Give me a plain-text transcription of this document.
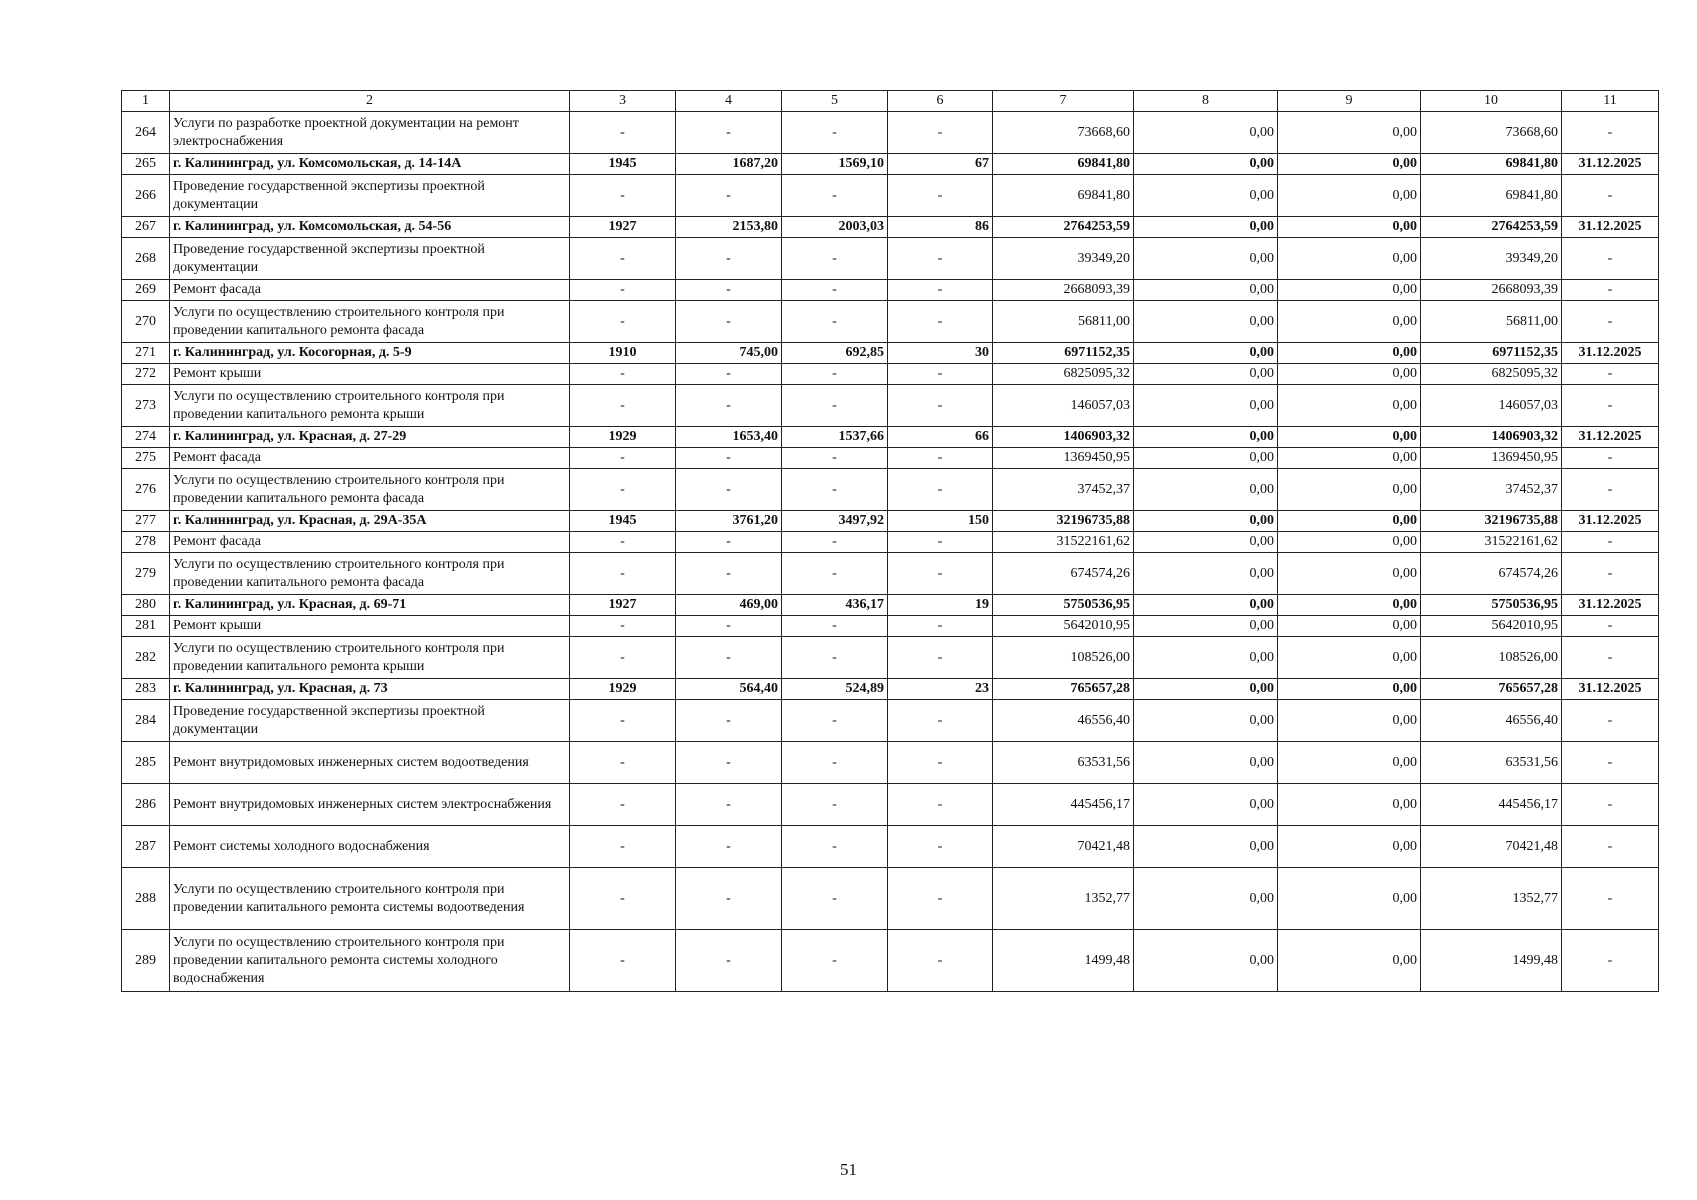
1	2	3	4	5	6	7	8	9	10	11
264	Услуги по разработке проектной документации на ремонт электроснабжения	-	-	-	-	73668,60	0,00	0,00	73668,60	-
265	г. Калининград, ул. Комсомольская, д. 14-14А	1945	1687,20	1569,10	67	69841,80	0,00	0,00	69841,80	31.12.2025
266	Проведение государственной экспертизы проектной документации	-	-	-	-	69841,80	0,00	0,00	69841,80	-
267	г. Калининград, ул. Комсомольская, д. 54-56	1927	2153,80	2003,03	86	2764253,59	0,00	0,00	2764253,59	31.12.2025
268	Проведение государственной экспертизы проектной документации	-	-	-	-	39349,20	0,00	0,00	39349,20	-
269	Ремонт фасада	-	-	-	-	2668093,39	0,00	0,00	2668093,39	-
270	Услуги по осуществлению строительного контроля при проведении капитального ремонта фасада	-	-	-	-	56811,00	0,00	0,00	56811,00	-
271	г. Калининград, ул. Косогорная, д. 5-9	1910	745,00	692,85	30	6971152,35	0,00	0,00	6971152,35	31.12.2025
272	Ремонт крыши	-	-	-	-	6825095,32	0,00	0,00	6825095,32	-
273	Услуги по осуществлению строительного контроля при проведении капитального ремонта крыши	-	-	-	-	146057,03	0,00	0,00	146057,03	-
274	г. Калининград, ул. Красная, д. 27-29	1929	1653,40	1537,66	66	1406903,32	0,00	0,00	1406903,32	31.12.2025
275	Ремонт фасада	-	-	-	-	1369450,95	0,00	0,00	1369450,95	-
276	Услуги по осуществлению строительного контроля при проведении капитального ремонта фасада	-	-	-	-	37452,37	0,00	0,00	37452,37	-
277	г. Калининград, ул. Красная, д. 29А-35А	1945	3761,20	3497,92	150	32196735,88	0,00	0,00	32196735,88	31.12.2025
278	Ремонт фасада	-	-	-	-	31522161,62	0,00	0,00	31522161,62	-
279	Услуги по осуществлению строительного контроля при проведении капитального ремонта фасада	-	-	-	-	674574,26	0,00	0,00	674574,26	-
280	г. Калининград, ул. Красная, д. 69-71	1927	469,00	436,17	19	5750536,95	0,00	0,00	5750536,95	31.12.2025
281	Ремонт крыши	-	-	-	-	5642010,95	0,00	0,00	5642010,95	-
282	Услуги по осуществлению строительного контроля при проведении капитального ремонта крыши	-	-	-	-	108526,00	0,00	0,00	108526,00	-
283	г. Калининград, ул. Красная, д. 73	1929	564,40	524,89	23	765657,28	0,00	0,00	765657,28	31.12.2025
284	Проведение государственной экспертизы проектной документации	-	-	-	-	46556,40	0,00	0,00	46556,40	-
285	Ремонт внутридомовых инженерных систем водоотведения	-	-	-	-	63531,56	0,00	0,00	63531,56	-
286	Ремонт внутридомовых инженерных систем электроснабжения	-	-	-	-	445456,17	0,00	0,00	445456,17	-
287	Ремонт системы холодного водоснабжения	-	-	-	-	70421,48	0,00	0,00	70421,48	-
288	Услуги по осуществлению строительного контроля при проведении капитального ремонта системы водоотведения	-	-	-	-	1352,77	0,00	0,00	1352,77	-
289	Услуги по осуществлению строительного контроля при проведении капитального ремонта системы холодного водоснабжения	-	-	-	-	1499,48	0,00	0,00	1499,48	-
51
